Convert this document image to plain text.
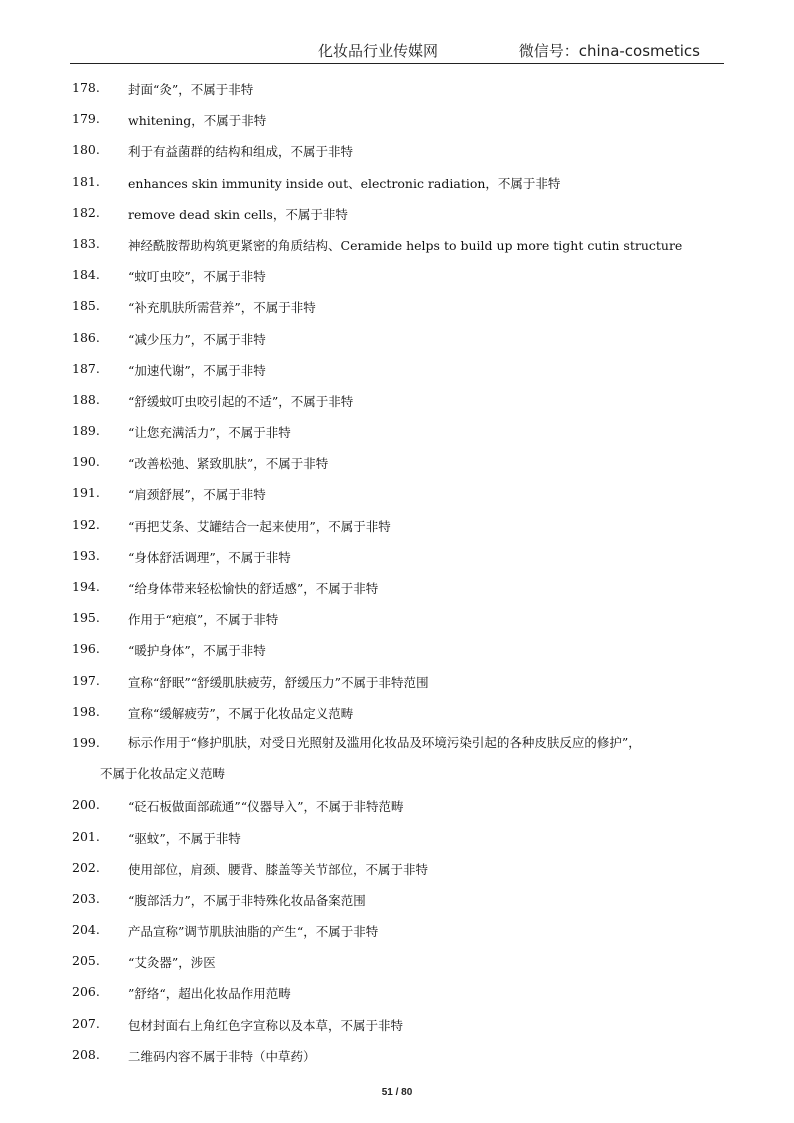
化妆品行业传媒网	微信号：china-cosmetics
178. 封面“灸”，不属于非特
179. whitening，不属于非特
180. 利于有益菌群的结构和组成，不属于非特
181. enhances skin immunity inside out、electronic radiation，不属于非特
182. remove dead skin cells，不属于非特
183. 神经酰胺帮助构筑更紧密的角质结构、Ceramide helps to build up more tight cutin structure
184. “蚊叮虫咬”，不属于非特
185. “补充肌肤所需营养”，不属于非特
186. “减少压力”，不属于非特
187. “加速代谢”，不属于非特
188. “舒缓蚊叮虫咬引起的不适”，不属于非特
189. “让您充满活力”，不属于非特
190. “改善松弛、紧致肌肤”，不属于非特
191. “肩颈舒展”，不属于非特
192. “再把艾条、艾罐结合一起来使用”，不属于非特
193. “身体舒活调理”，不属于非特
194. “给身体带来轻松愉快的舒适感”，不属于非特
195. 作用于“疤痕”，不属于非特
196. “暖护身体”，不属于非特
197. 宣称“舒眠”“舒缓肌肤疲劳，舒缓压力”不属于非特范围
198. 宣称“缓解疲劳”，不属于化妆品定义范畴
199. 标示作用于“修护肌肤，对受日光照射及滥用化妆品及环境污染引起的各种皮肤反应的修护”，
不属于化妆品定义范畴
200. “砭石板做面部疏通”“仪器导入”，不属于非特范畴
201. “驱蚊”，不属于非特
202. 使用部位，肩颈、腰背、膝盖等关节部位，不属于非特
203. “腹部活力”，不属于非特殊化妆品备案范围
204. 产品宣称”调节肌肤油脂的产生“，不属于非特
205. “艾灸器”，涉医
206. ”舒络“，超出化妆品作用范畴
207. 包材封面右上角红色字宣称以及本草，不属于非特
208. 二维码内容不属于非特（中草药）
51 / 80
